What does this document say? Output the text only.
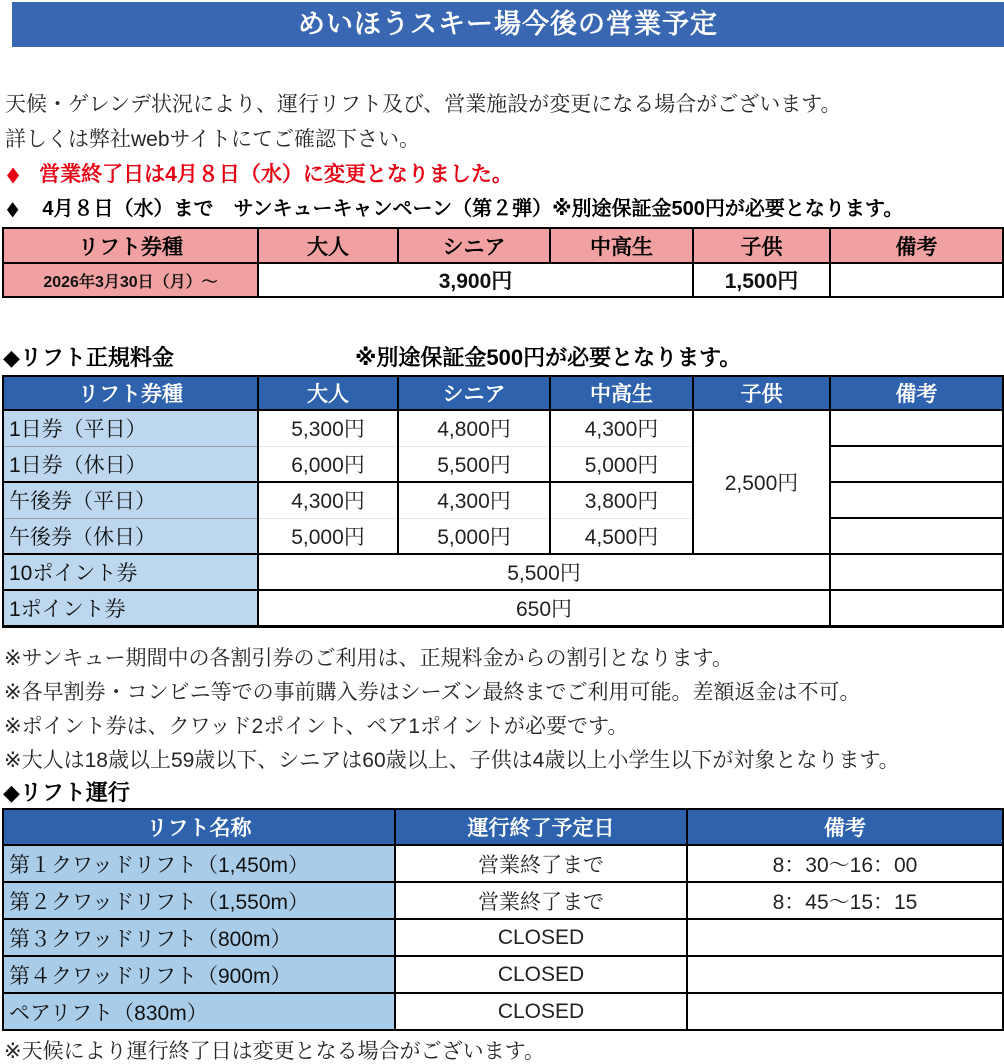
めいほうスキー場今後の営業予定
天候・ゲレンデ状況により、運行リフト及び、営業施設が変更になる場合がございます。
詳しくは弊社webサイトにてご確認下さい。
◆ 営業終了日は4月８日（水）に変更となりました。
◆ 4月８日（水）まで　サンキューキャンペーン（第２弾）※別途保証金500円が必要となります。
リフト券種	大人	シニア	中高生	子供	備考
2026年3月30日（月）～	3,900円			1,500円	
◆リフト正規料金	※別途保証金500円が必要となります。
リフト券種	大人	シニア	中高生	子供	備考
1日券（平日）	5,300円	4,800円	4,300円	2,500円	
1日券（休日）	6,000円	5,500円	5,000円		
午後券（平日）	4,300円	4,300円	3,800円		
午後券（休日）	5,000円	5,000円	4,500円		
10ポイント券	5,500円				
1ポイント券	650円				
※サンキュー期間中の各割引券のご利用は、正規料金からの割引となります。
※各早割券・コンビニ等での事前購入券はシーズン最終までご利用可能。差額返金は不可。
※ポイント券は、クワッド2ポイント、ペア1ポイントが必要です。
※大人は18歳以上59歳以下、シニアは60歳以上、子供は4歳以上小学生以下が対象となります。
◆リフト運行
リフト名称	運行終了予定日	備考
第１クワッドリフト（1,450m）	営業終了まで	8：30～16：00
第２クワッドリフト（1,550m）	営業終了まで	8：45～15：15
第３クワッドリフト（800m）	CLOSED	
第４クワッドリフト（900m）	CLOSED	
ペアリフト（830m）	CLOSED	
※天候により運行終了日は変更となる場合がございます。
